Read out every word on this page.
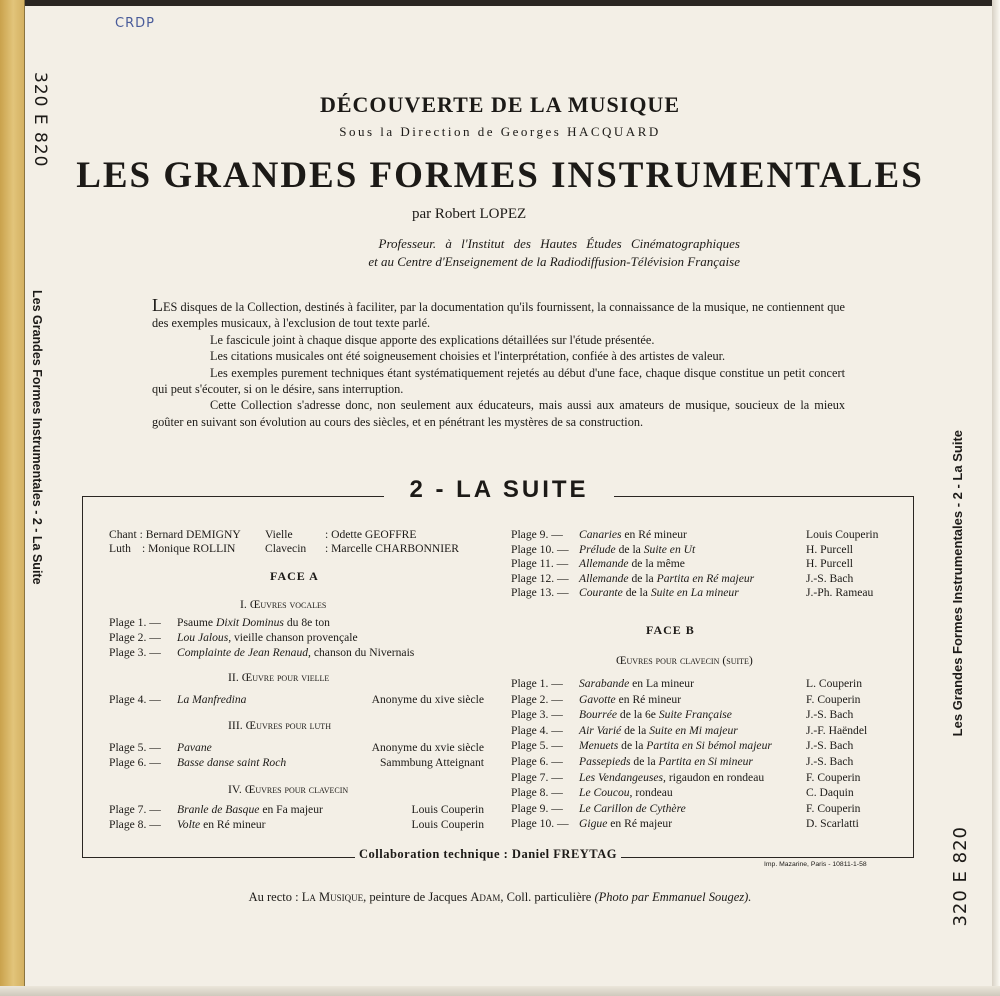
CRDP
320 E 820
Les Grandes Formes Instrumentales - 2 - La Suite	Les Grandes Formes Instrumentales - 2 - La Suite
320 E 820
DÉCOUVERTE DE LA MUSIQUE
Sous la Direction de Georges HACQUARD
LES GRANDES FORMES INSTRUMENTALES
par Robert LOPEZ
Professeur. à l'Institut des Hautes Études Cinématographiques
et au Centre d'Enseignement de la Radiodiffusion-Télévision Française

LES disques de la Collection, destinés à faciliter, par la documentation qu'ils fournissent, la connaissance de la musique, ne contiennent que des exemples musicaux, à l'exclusion de tout texte parlé.

Le fascicule joint à chaque disque apporte des explications détaillées sur l'étude présentée.

Les citations musicales ont été soigneusement choisies et l'interprétation, confiée à des artistes de valeur.

Les exemples purement techniques étant systématiquement rejetés au début d'une face, chaque disque constitue un petit concert qui peut s'écouter, si on le désire, sans interruption.

Cette Collection s'adresse donc, non seulement aux éducateurs, mais aussi aux amateurs de musique, soucieux de la mieux goûter en suivant son évolution au cours des siècles, et en pénétrant les mystères de sa construction.

2 - LA SUITE
Chant : Bernard DEMIGNY Vielle	: Odette GEOFFRE
Luth : Monique ROLLIN	Clavecin : Marcelle CHARBONNIER
FACE A
FACE B
Œuvres pour clavecin (suite)
Collaboration technique : Daniel FREYTAG
Imp. Mazarine, Paris - 10811-1-58
Au recto : La Musique, peinture de Jacques Adam, Coll. particulière (Photo par Emmanuel Sougez).
I. Œuvres vocales
Plage 1. — Psaume Dixit Dominus du 8e ton
Plage 2. — Lou Jalous, vieille chanson provençale
Plage 3. — Complainte de Jean Renaud, chanson du Nivernais
II. Œuvre pour vielle
Plage 4. — La Manfredina	Anonyme du xive siècle
III. Œuvres pour luth
Plage 5. — Pavane	Anonyme du xvie siècle
Plage 6. — Basse danse saint Roch	Sammbung Atteignant
IV. Œuvres pour clavecin
Plage 7. — Branle de Basque en Fa majeur	Louis Couperin
Plage 8. — Volte en Ré mineur	Louis Couperin
Plage 9. — Canaries en Ré mineur	Louis Couperin
Plage 10. — Prélude de la Suite en Ut	H. Purcell
Plage 11. — Allemande de la même	H. Purcell
Plage 12. — Allemande de la Partita en Ré majeur	J.-S. Bach
Plage 13. — Courante de la Suite en La mineur	J.-Ph. Rameau
Plage 1. — Sarabande en La mineur	L. Couperin
Plage 2. — Gavotte en Ré mineur	F. Couperin
Plage 3. — Bourrée de la 6e Suite Française	J.-S. Bach
Plage 4. — Air Varié de la Suite en Mi majeur	J.-F. Haëndel
Plage 5. — Menuets de la Partita en Si bémol majeur	J.-S. Bach
Plage 6. — Passepieds de la Partita en Si mineur	J.-S. Bach
Plage 7. — Les Vendangeuses, rigaudon en rondeau	F. Couperin
Plage 8. — Le Coucou, rondeau	C. Daquin
Plage 9. — Le Carillon de Cythère	F. Couperin
Plage 10. — Gigue en Ré majeur	D. Scarlatti
